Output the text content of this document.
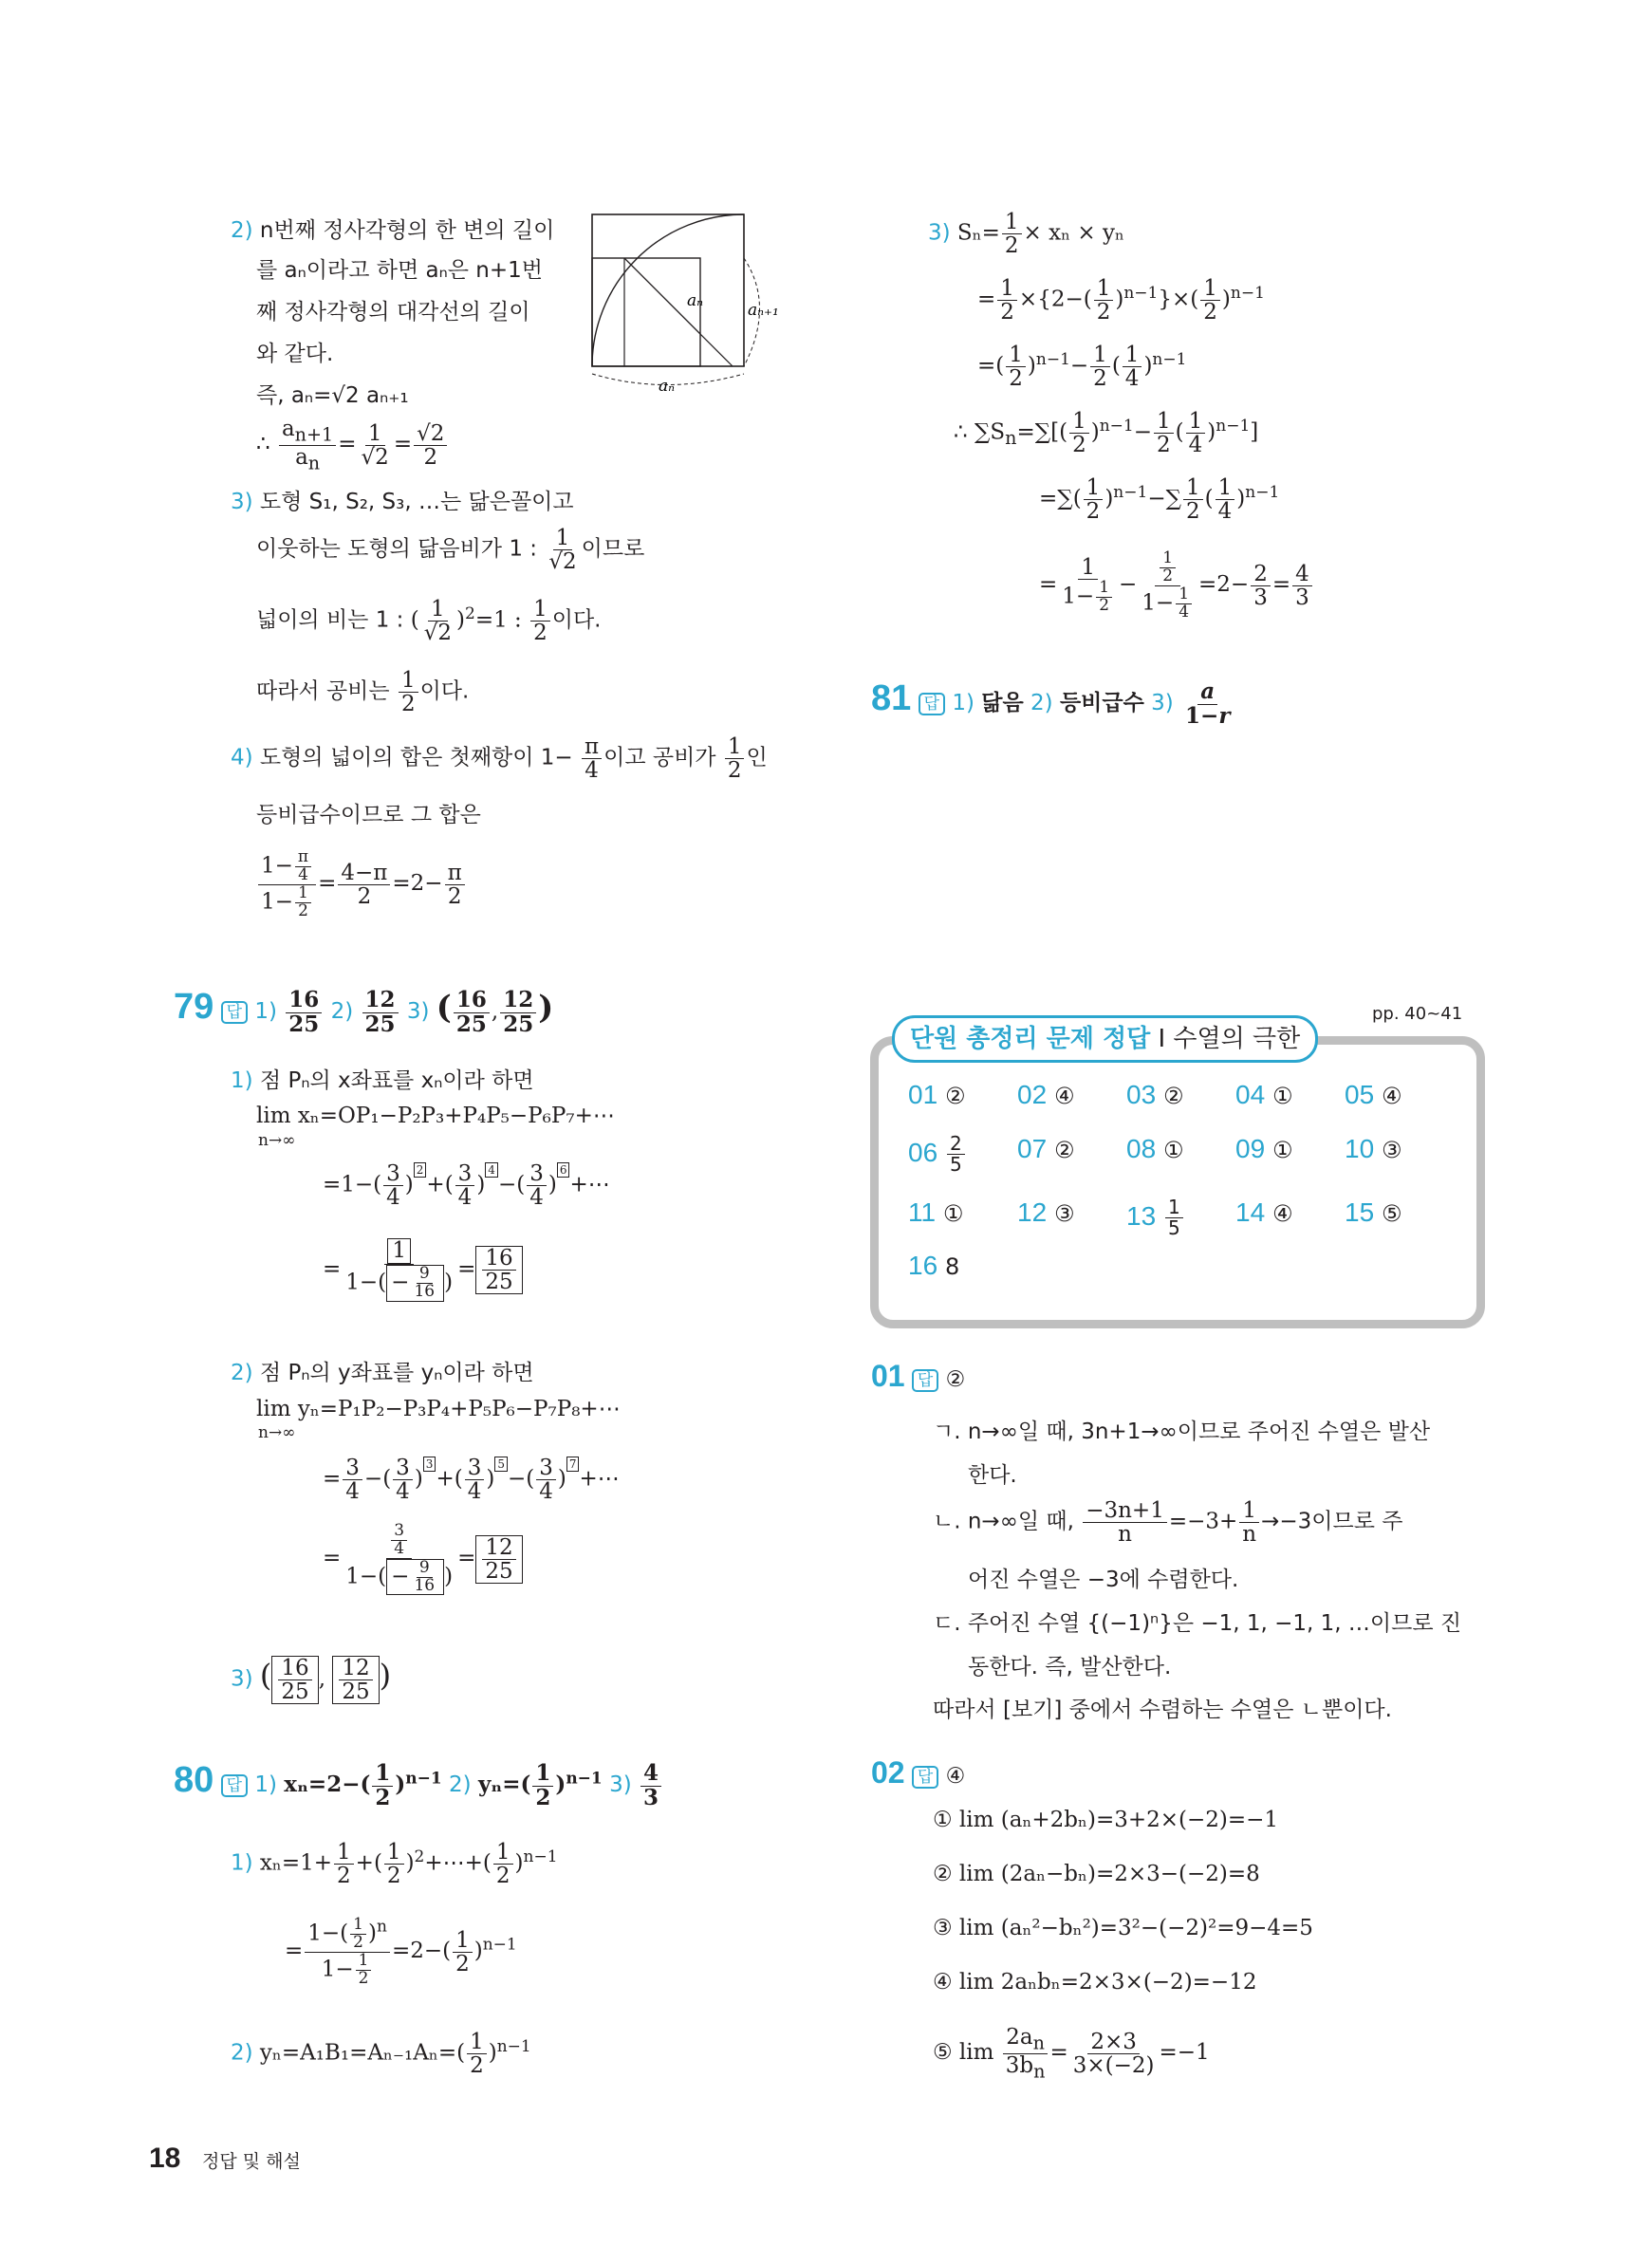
2) n번째 정사각형의 한 변의 길이
를 aₙ이라고 하면 aₙ은 n+1번
째 정사각형의 대각선의 길이
와 같다.
즉, aₙ=√2 aₙ₊₁
∴ $\frac{a_{n+1}}{a_n} = \frac{1}{√2} = \frac{√2}{2}$
aₙ	aₙ₊₁
aₙ
3) 도형 S₁, S₂, S₃, …는 닮은꼴이고
이웃하는 도형의 닮음비가 1 : $\frac{1}{√2}$ 이므로
넓이의 비는 1 : ( $\frac{1}{√2} )^2=1$ : $\frac{1}{2}$ 이다.
따라서 공비는 $\frac{1}{2}$ 이다.
4) 도형의 넓이의 합은 첫째항이 $1- \frac{\pi}{4}$ 이고 공비가 $\frac{1}{2}$ 인
등비급수이므로 그 합은
$\frac{1- \frac{\pi}{4}}{1- \frac{1}{2}} = \frac{4-\pi}{2} =2- \frac{\pi}{2}$
79 답 $1) \frac{16}{25} 2) \frac{12}{25} 3$) ( $\frac{16}{25}$ , $\frac{12}{25}$ )
1) 점 Pₙ의 x좌표를 xₙ이라 하면
lim xₙ=OP₁−P₂P₃+P₄P₅−P₆P₇+⋯
n→∞
$=1-( \frac{3}{4} )2+( \frac{3}{4} )4-( \frac{3}{4}$ )6+⋯
= $\frac{1}{1-( - \frac{9}{16} )} = \frac{16}{25}$
2) 점 Pₙ의 y좌표를 yₙ이라 하면
lim yₙ=P₁P₂−P₃P₄+P₅P₆−P₇P₈+⋯
n→∞
= $\frac{3}{4}$ −( $\frac{3}{4} )3+( \frac{3}{4} )5-( \frac{3}{4}$ )7+⋯
= $\frac{\frac{3}{4}}{1-( - \frac{9}{16} )} = \frac{12}{25}$
3) ( $\frac{16}{25}$ , $\frac{12}{25}$ )
80 답 1) $x_n=2-( \frac{1}{2} )^{n-1}$ 2) $y_n=( \frac{1}{2} )^{n-1}$ $3) \frac{4}{3}$
1) $x_n=1+ \frac{1}{2}$ +( $\frac{1}{2}$ )$^2$+⋯+( $\frac{1}{2} )^{n-1}$
= $\frac{1-( \frac{1}{2} )^n}{1- \frac{1}{2}} =2-( \frac{1}{2} )^{n-1}$
2) $y_n=A_1B_1=A_{n-1}A_n=( \frac{1}{2} )^{n-1}$
3) $S_n= \frac{1}{2} \times x_n \times y_n$
= $\frac{1}{2} \times\{2-( \frac{1}{2} )^{n-1}\}\times( \frac{1}{2} )^{n-1}$
=( $\frac{1}{2} )^{n-1}- \frac{1}{2}$ ( $\frac{1}{4} )^{n-1}$
∴ $\sum S_n=\sum[( \frac{1}{2} )^{n-1}- \frac{1}{2}$ ( $\frac{1}{4} )^{n-1}$]
=∑( $\frac{1}{2} )^{n-1}-\sum \frac{1}{2}$ ( $\frac{1}{4} )^{n-1}$
= $\frac{1}{1- \frac{1}{2}} - \frac{\frac{1}{2}}{1- \frac{1}{4}} =2- \frac{2}{3} = \frac{4}{3}$
81 답 1) 닮음 2) 등비급수 $3) \frac{a}{1-r}$
단원 총정리 문제 정답 Ⅰ 수열의 극한
pp. 40~41
01 ② 02 ④ 03 ② 04 ① 05 ④
$06 \frac{2}{5} 07$ ② 08 ① 09 ① 10 ③
11 ① 12 ③ $13 \frac{1}{5} 14$ ④ 15 ⑤
16 8
01 답 ②
ㄱ. n→∞일 때, 3n+1→∞이므로 주어진 수열은 발산
한다.
ㄴ. n→∞일 때, $\frac{-3n+1}{n} =-3+ \frac{1}{n} \to-3$이므로 주
어진 수열은 −3에 수렴한다.
ㄷ. 주어진 수열 {(−1)ⁿ}은 −1, 1, −1, 1, …이므로 진
동한다. 즉, 발산한다.
따라서 [보기] 중에서 수렴하는 수열은 ㄴ뿐이다.
02 답 ④
① lim (aₙ+2bₙ)=3+2×(−2)=−1
② lim (2aₙ−bₙ)=2×3−(−2)=8
③ lim (aₙ²−bₙ²)=3²−(−2)²=9−4=5
④ lim 2aₙbₙ=2×3×(−2)=−12
⑤ $\lim \frac{2a_n}{3b_n} = \frac{2\times 3}{3\times(-2)} =-1$
18 정답 및 해설
